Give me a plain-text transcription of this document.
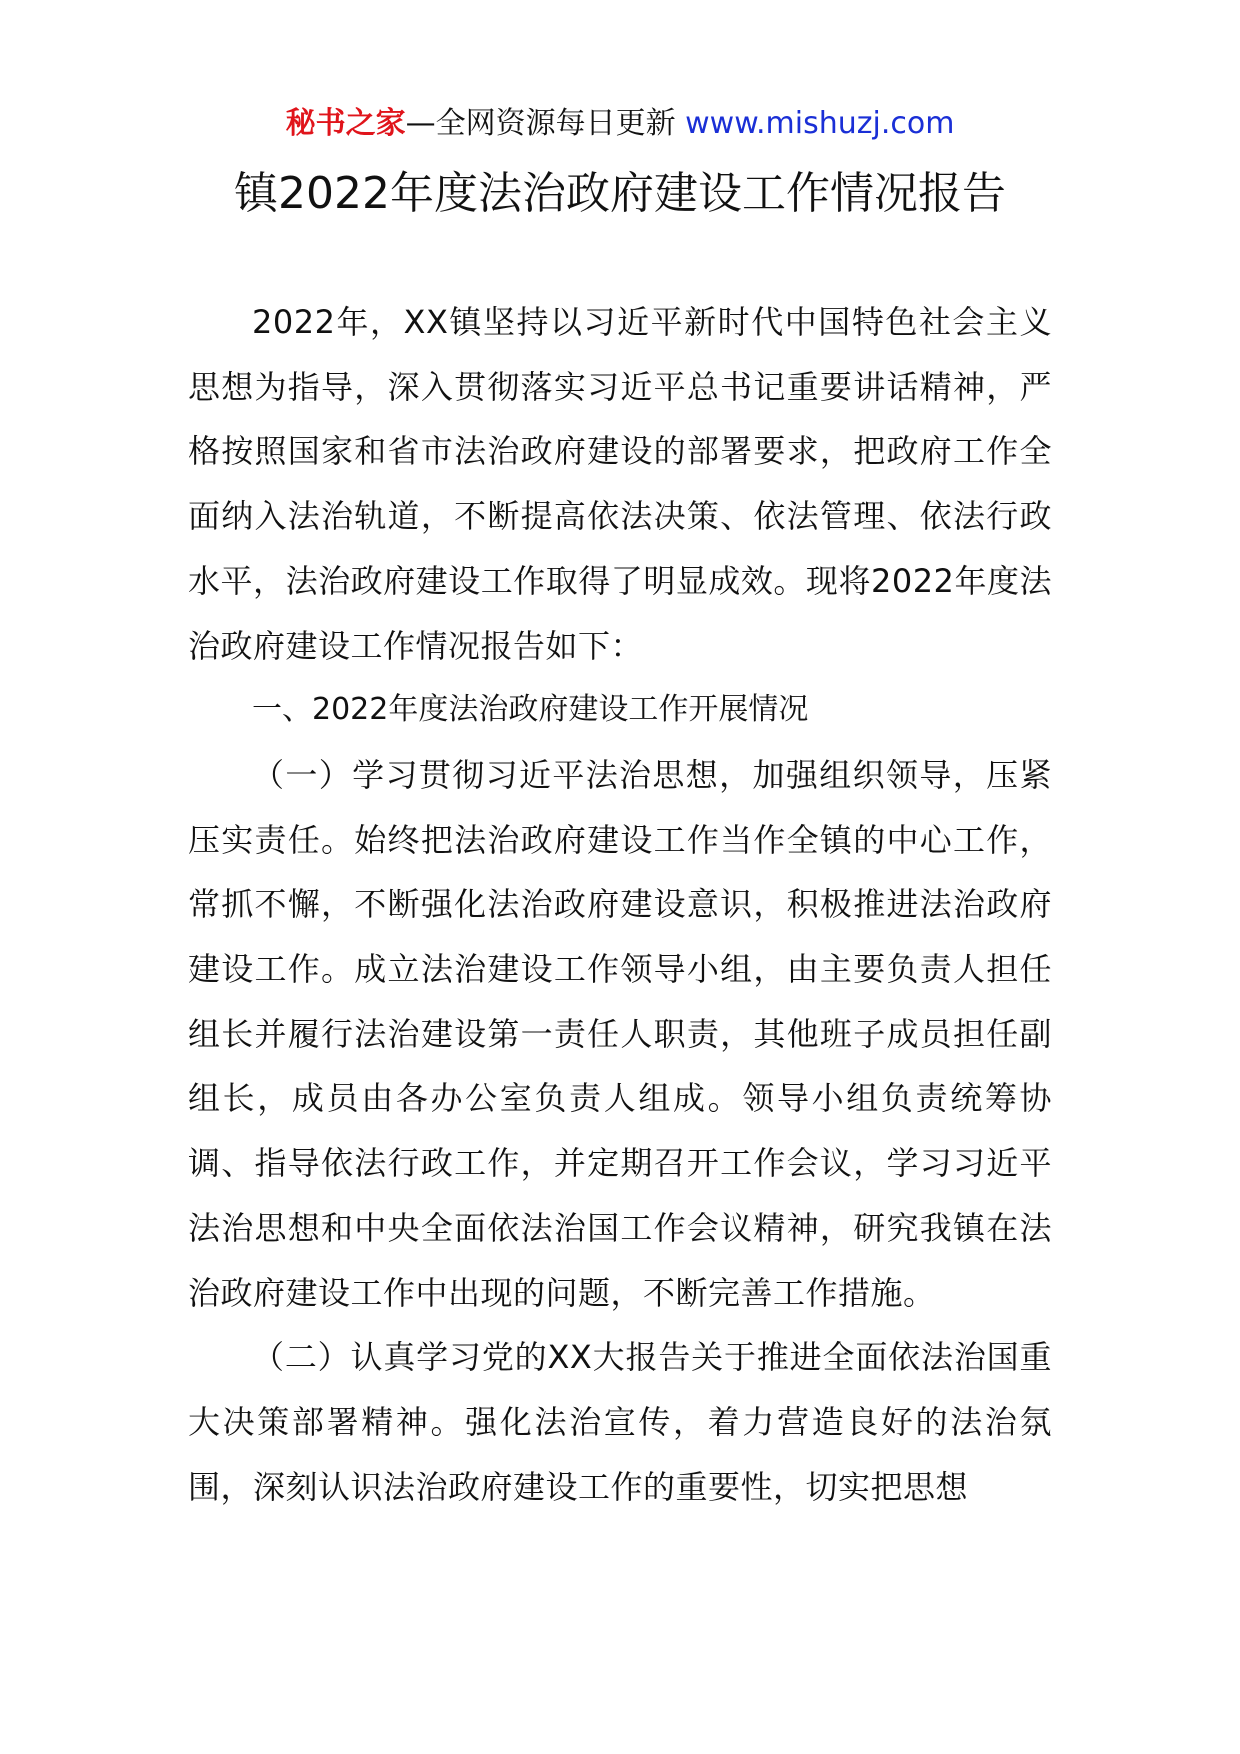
秘书之家—全网资源每日更新 www.mishuzj.com
镇2022年度法治政府建设工作情况报告

2022年，XX镇坚持以习近平新时代中国特色社会主义思想为指导，深入贯彻落实习近平总书记重要讲话精神，严格按照国家和省市法治政府建设的部署要求，把政府工作全面纳入法治轨道，不断提高依法决策、依法管理、依法行政水平，法治政府建设工作取得了明显成效。现将2022年度法治政府建设工作情况报告如下：

一、2022年度法治政府建设工作开展情况

（一）学习贯彻习近平法治思想，加强组织领导，压紧压实责任。始终把法治政府建设工作当作全镇的中心工作，常抓不懈，不断强化法治政府建设意识，积极推进法治政府建设工作。成立法治建设工作领导小组，由主要负责人担任组长并履行法治建设第一责任人职责，其他班子成员担任副组长，成员由各办公室负责人组成。领导小组负责统筹协调、指导依法行政工作，并定期召开工作会议，学习习近平法治思想和中央全面依法治国工作会议精神，研究我镇在法治政府建设工作中出现的问题，不断完善工作措施。

（二）认真学习党的XX大报告关于推进全面依法治国重大决策部署精神。强化法治宣传，着力营造良好的法治氛围，深刻认识法治政府建设工作的重要性，切实把思想
